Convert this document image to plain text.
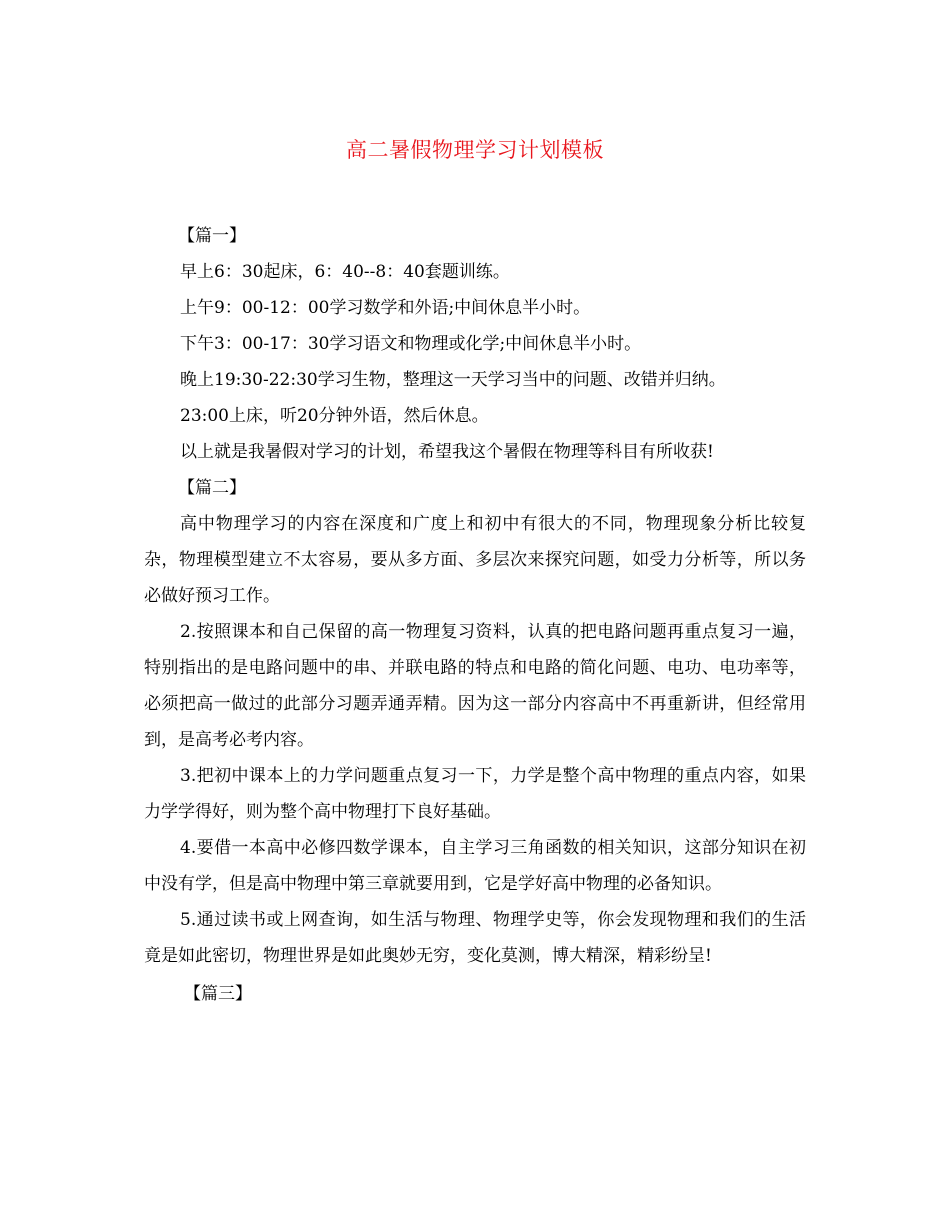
高二暑假物理学习计划模板

【篇一】

早上6：30起床，6：40--8：40套题训练。

上午9：00-12：00学习数学和外语;中间休息半小时。

下午3：00-17：30学习语文和物理或化学;中间休息半小时。

晚上19:30-22:30学习生物，整理这一天学习当中的问题、改错并归纳。

23:00上床，听20分钟外语，然后休息。

以上就是我暑假对学习的计划，希望我这个暑假在物理等科目有所收获!

【篇二】

高中物理学习的内容在深度和广度上和初中有很大的不同，物理现象分析比较复杂，物理模型建立不太容易，要从多方面、多层次来探究问题，如受力分析等，所以务必做好预习工作。

2.按照课本和自己保留的高一物理复习资料，认真的把电路问题再重点复习一遍，特别指出的是电路问题中的串、并联电路的特点和电路的简化问题、电功、电功率等，必须把高一做过的此部分习题弄通弄精。因为这一部分内容高中不再重新讲，但经常用到，是高考必考内容。

3.把初中课本上的力学问题重点复习一下，力学是整个高中物理的重点内容，如果力学学得好，则为整个高中物理打下良好基础。

4.要借一本高中必修四数学课本，自主学习三角函数的相关知识，这部分知识在初中没有学，但是高中物理中第三章就要用到，它是学好高中物理的必备知识。

5.通过读书或上网查询，如生活与物理、物理学史等，你会发现物理和我们的生活竟是如此密切，物理世界是如此奥妙无穷，变化莫测，博大精深，精彩纷呈!

【篇三】
